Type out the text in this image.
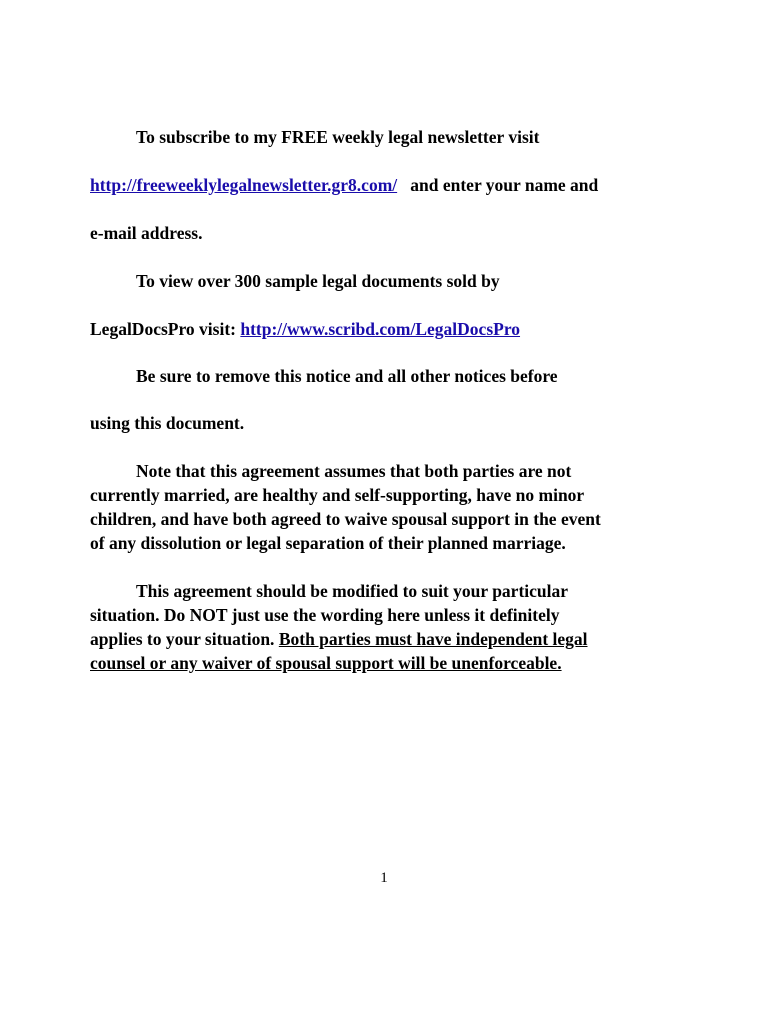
To subscribe to my FREE weekly legal newsletter visit
http://freeweeklylegalnewsletter.gr8.com/ and enter your name and
e-mail address.
To view over 300 sample legal documents sold by
LegalDocsPro visit: http://www.scribd.com/LegalDocsPro
Be sure to remove this notice and all other notices before
using this document.
Note that this agreement assumes that both parties are not
currently married, are healthy and self-supporting, have no minor
children, and have both agreed to waive spousal support in the event
of any dissolution or legal separation of their planned marriage.
This agreement should be modified to suit your particular
situation. Do NOT just use the wording here unless it definitely
applies to your situation. Both parties must have independent legal
counsel or any waiver of spousal support will be unenforceable.
1
